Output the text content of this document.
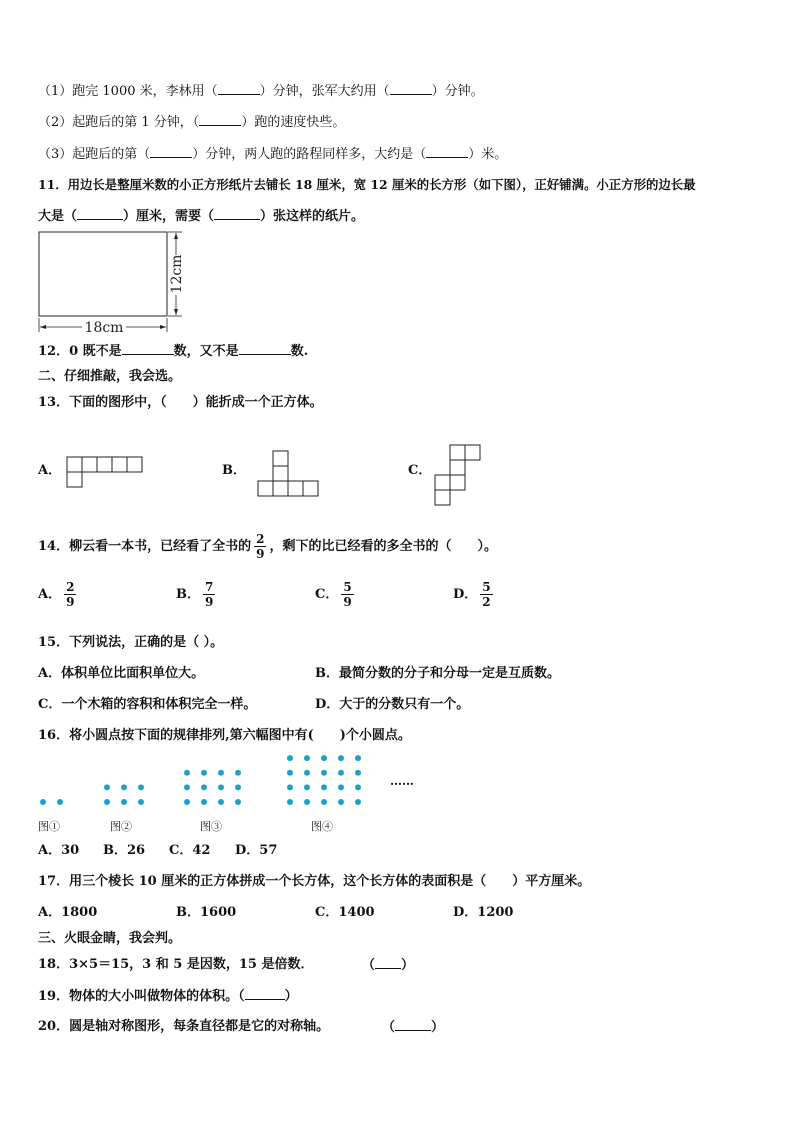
（1）跑完 1000 米，李林用（	）分钟，张军大约用（	）分钟。
（2）起跑后的第 1 分钟，（	）跑的速度快些。
（3）起跑后的第（	）分钟，两人跑的路程同样多，大约是（	）米。
11．用边长是整厘米数的小正方形纸片去铺长 18 厘米，宽 12 厘米的长方形（如下图），正好铺满。小正方形的边长最
大是（	）厘米，需要（	）张这样的纸片。
18cm
12cm
12．0 既不是	数，又不是	数.
二、仔细推敲，我会选。
13．下面的图形中，（　　）能折成一个正方体。
A．	B．	C．
14．柳云看一本书，已经看了全书的 $\frac{2}{9}$ ，剩下的比已经看的多全书的（　　）。
A． $\frac{2}{9}$	B． $\frac{7}{9}$	C． $\frac{5}{9}$	D． $\frac{5}{2}$
15．下列说法，正确的是（ ）。
A．体积单位比面积单位大。	B．最简分数的分子和分母一定是互质数。
C．一个木箱的容积和体积完全一样。	D．大于的分数只有一个。
16．将小圆点按下面的规律排列,第六幅图中有(　　)个小圆点。
……
图①	图②	图③	图④
A．30 B．26 C．42 D．57
17．用三个棱长 10 厘米的正方体拼成一个长方体，这个长方体的表面积是（　　）平方厘米。
A．1800	B．1600	C．1400	D．1200
三、火眼金睛，我会判。
18．3×5＝15，3 和 5 是因数，15 是倍数．	（ ）
19．物体的大小叫做物体的体积。（	）
20．圆是轴对称图形，每条直径都是它的对称轴。	（	）
